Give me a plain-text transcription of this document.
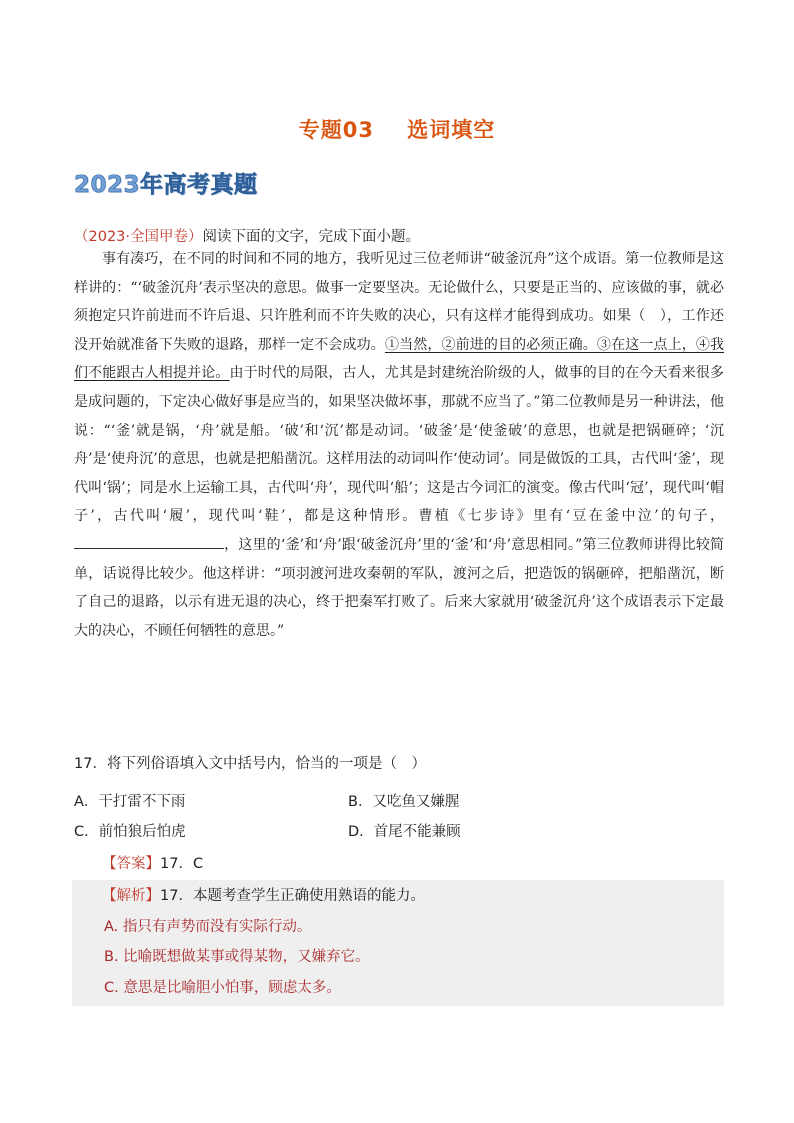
专题03    选词填空
2023年高考真题
（2023·全国甲卷）阅读下面的文字，完成下面小题。

事有凑巧，在不同的时间和不同的地方，我听见过三位老师讲“破釜沉舟”这个成语。第一位教师是这样讲的：“‘破釜沉舟’表示坚决的意思。做事一定要坚决。无论做什么，只要是正当的、应该做的事，就必须抱定只许前进而不许后退、只许胜利而不许失败的决心，只有这样才能得到成功。如果（　），工作还没开始就准备下失败的退路，那样一定不会成功。①当然，②前进的目的必须正确。③在这一点上，④我们不能跟古人相提并论。由于时代的局限，古人，尤其是封建统治阶级的人，做事的目的在今天看来很多是成问题的，下定决心做好事是应当的，如果坚决做坏事，那就不应当了。”第二位教师是另一种讲法，他说：“‘釜’就是锅，‘舟’就是船。‘破’和‘沉’都是动词。‘破釜’是‘使釜破’的意思，也就是把锅砸碎；‘沉舟’是‘使舟沉’的意思，也就是把船凿沉。这样用法的动词叫作‘使动词’。同是做饭的工具，古代叫‘釜’，现代叫‘锅’；同是水上运输工具，古代叫‘舟’，现代叫‘船’；这是古今词汇的演变。像古代叫‘冠’，现代叫‘帽子’，古代叫‘履’，现代叫‘鞋’，都是这种情形。曹植《七步诗》里有‘豆在釜中泣’的句子，，这里的‘釜’和‘舟’跟‘破釜沉舟’里的‘釜’和‘舟’意思相同。”第三位教师讲得比较简单，话说得比较少。他这样讲：“项羽渡河进攻秦朝的军队，渡河之后，把造饭的锅砸碎，把船凿沉，断了自己的退路，以示有进无退的决心，终于把秦军打败了。后来大家就用‘破釜沉舟’这个成语表示下定最大的决心，不顾任何牺牲的意思。”

17．将下列俗语填入文中括号内，恰当的一项是（　）
A．干打雷不下雨	B．又吃鱼又嫌腥
C．前怕狼后怕虎	D．首尾不能兼顾
【答案】17．C
【解析】17．本题考查学生正确使用熟语的能力。
A. 指只有声势而没有实际行动。
B. 比喻既想做某事或得某物，又嫌弃它。
C. 意思是比喻胆小怕事，顾虑太多。
